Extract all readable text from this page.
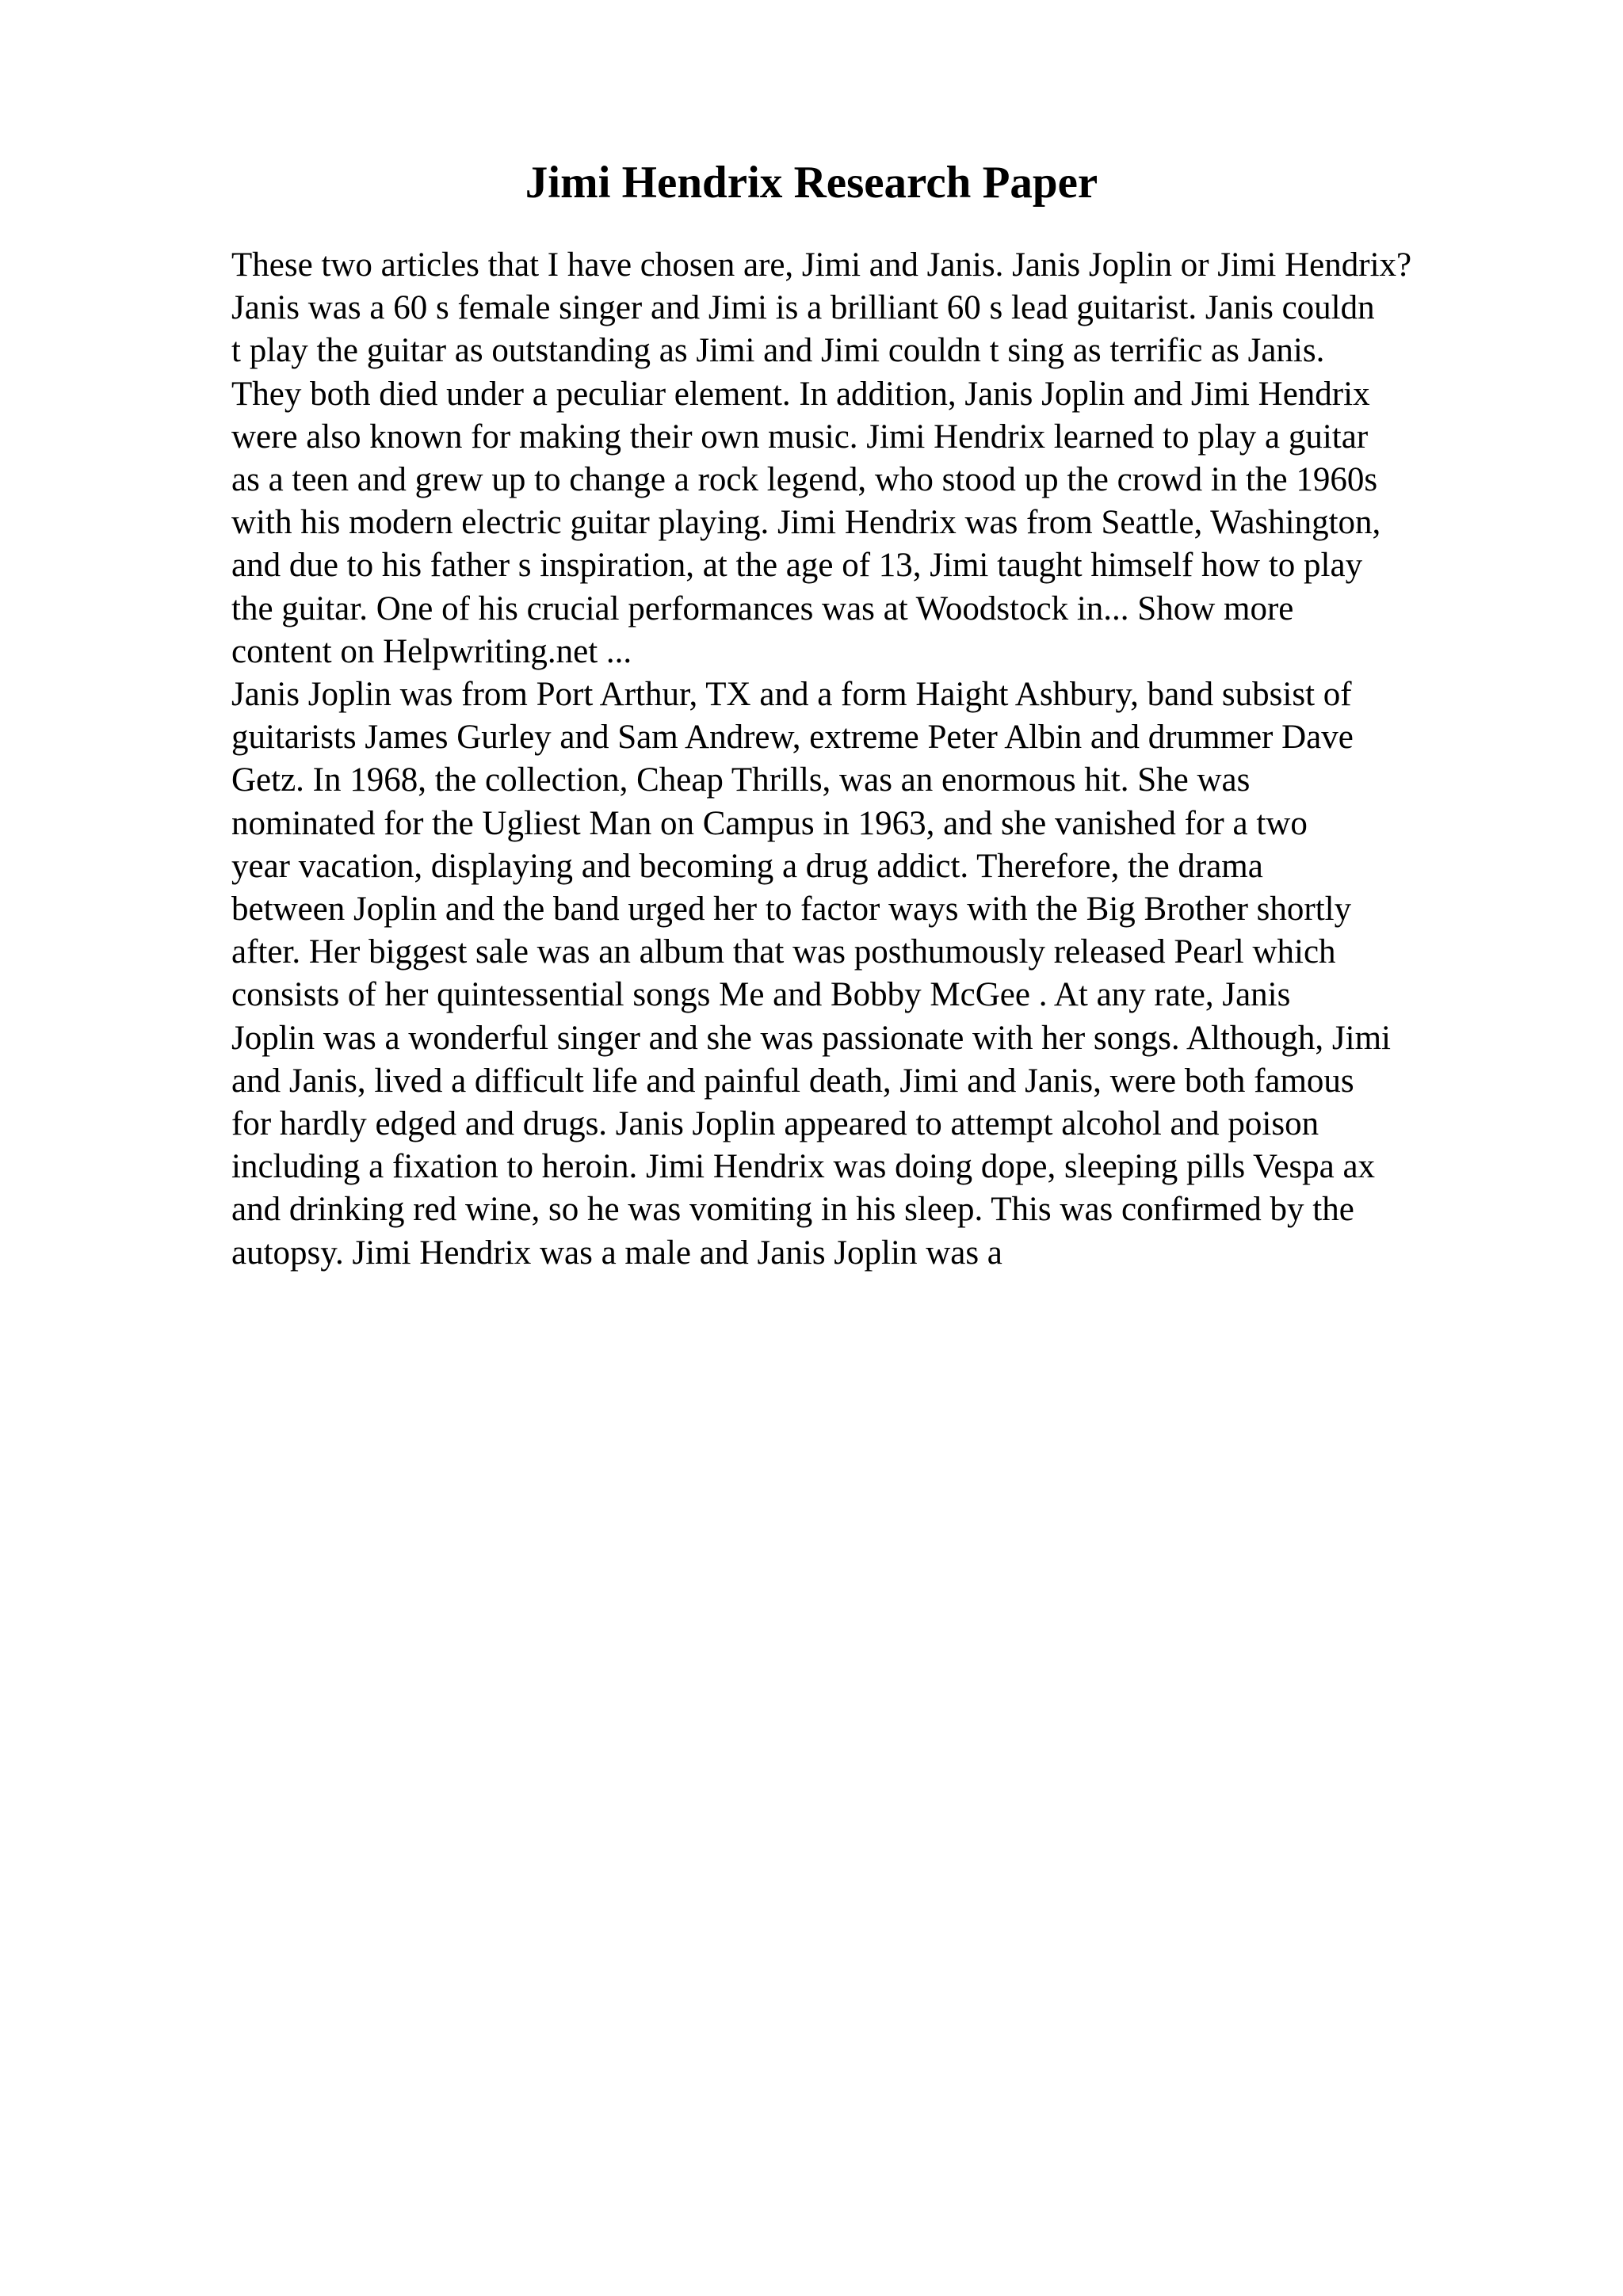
Jimi Hendrix Research Paper
These two articles that I have chosen are, Jimi and Janis. Janis Joplin or Jimi Hendrix?
Janis was a 60 s female singer and Jimi is a brilliant 60 s lead guitarist. Janis couldn
t play the guitar as outstanding as Jimi and Jimi couldn t sing as terrific as Janis.
They both died under a peculiar element. In addition, Janis Joplin and Jimi Hendrix
were also known for making their own music. Jimi Hendrix learned to play a guitar
as a teen and grew up to change a rock legend, who stood up the crowd in the 1960s
with his modern electric guitar playing. Jimi Hendrix was from Seattle, Washington,
and due to his father s inspiration, at the age of 13, Jimi taught himself how to play
the guitar. One of his crucial performances was at Woodstock in... Show more
content on Helpwriting.net ...
Janis Joplin was from Port Arthur, TX and a form Haight Ashbury, band subsist of
guitarists James Gurley and Sam Andrew, extreme Peter Albin and drummer Dave
Getz. In 1968, the collection, Cheap Thrills, was an enormous hit. She was
nominated for the Ugliest Man on Campus in 1963, and she vanished for a two
year vacation, displaying and becoming a drug addict. Therefore, the drama
between Joplin and the band urged her to factor ways with the Big Brother shortly
after. Her biggest sale was an album that was posthumously released Pearl which
consists of her quintessential songs Me and Bobby McGee . At any rate, Janis
Joplin was a wonderful singer and she was passionate with her songs. Although, Jimi
and Janis, lived a difficult life and painful death, Jimi and Janis, were both famous
for hardly edged and drugs. Janis Joplin appeared to attempt alcohol and poison
including a fixation to heroin. Jimi Hendrix was doing dope, sleeping pills Vespa ax
and drinking red wine, so he was vomiting in his sleep. This was confirmed by the
autopsy. Jimi Hendrix was a male and Janis Joplin was a
